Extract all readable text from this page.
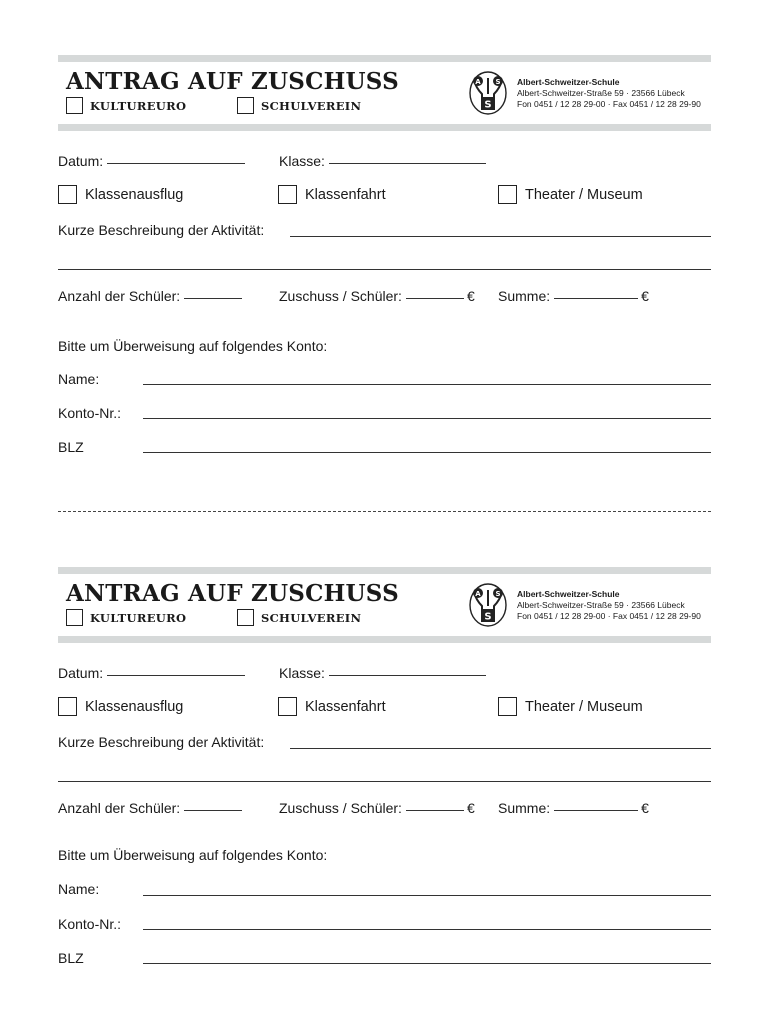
ANTRAG AUF ZUSCHUSS
KULTUREURO	SCHULVEREIN	S
A S Albert-Schweitzer-Schule
Albert-Schweitzer-Straße 59 · 23566 Lübeck
Fon 0451 / 12 28 29-00 · Fax 0451 / 12 28 29-90
Datum:	Klasse:
Klassenausflug	Klassenfahrt	Theater / Museum
Kurze Beschreibung der Aktivität:
Anzahl der Schüler:	Zuschuss / Schüler:	€ Summe:	€
Bitte um Überweisung auf folgendes Konto:
Name:
Konto-Nr.:
BLZ
ANTRAG AUF ZUSCHUSS
KULTUREURO	SCHULVEREIN	S
A S Albert-Schweitzer-Schule
Albert-Schweitzer-Straße 59 · 23566 Lübeck
Fon 0451 / 12 28 29-00 · Fax 0451 / 12 28 29-90
Datum:	Klasse:
Klassenausflug	Klassenfahrt	Theater / Museum
Kurze Beschreibung der Aktivität:
Anzahl der Schüler:	Zuschuss / Schüler:	€ Summe:	€
Bitte um Überweisung auf folgendes Konto:
Name:
Konto-Nr.:
BLZ
